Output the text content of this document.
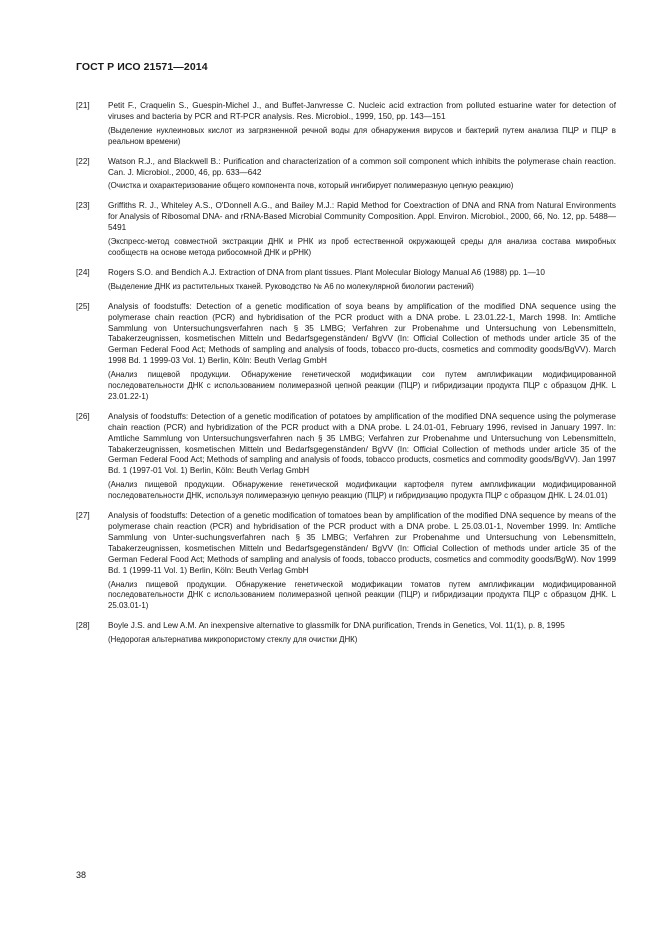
ГОСТ Р ИСО 21571—2014
[21]	Petit F., Craquelin S., Guespin-Michel J., and Buffet-Janvresse C. Nucleic acid extraction from polluted estuarine water for detection of viruses and bacteria by PCR and RT-PCR analysis. Res. Microbiol., 1999, 150, pp. 143—151

(Выделение нуклеиновых кислот из загрязненной речной воды для обнаружения вирусов и бактерий путем анализа ПЦР и ПЦР в реальном времени)

[22]	Watson R.J., and Blackwell B.: Purification and characterization of a common soil component which inhibits the polymerase chain reaction. Can. J. Microbiol., 2000, 46, pp. 633—642

(Очистка и охарактеризование общего компонента почв, который ингибирует полимеразную цепную реакцию)

[23]	Griffiths R. J., Whiteley A.S., O'Donnell A.G., and Bailey M.J.: Rapid Method for Coextraction of DNA and RNA from Natural Environments for Analysis of Ribosomal DNA- and rRNA-Based Microbial Community Composition. Appl. Environ. Microbiol., 2000, 66, No. 12, pp. 5488—5491

(Экспресс-метод совместной экстракции ДНК и РНК из проб естественной окружающей среды для анализа состава микробных сообществ на основе метода рибосомной ДНК и рРНК)

[24]	Rogers S.O. and Bendich A.J. Extraction of DNA from plant tissues. Plant Molecular Biology Manual A6 (1988) pp. 1—10

(Выделение ДНК из растительных тканей. Руководство № А6 по молекулярной биологии растений)

[25]	Analysis of foodstuffs: Detection of a genetic modification of soya beans by amplification of the modified DNA sequence using the polymerase chain reaction (PCR) and hybridisation of the PCR product with a DNA probe. L 23.01.22-1, March 1998. In: Amtliche Sammlung von Untersuchungsverfahren nach § 35 LMBG; Verfahren zur Probenahme und Untersuchung von Lebensmitteln, Tabakerzeugnissen, kosmetischen Mitteln und Bedarfsgegenständen/ BgVV (In: Official Collection of methods under article 35 of the German Federal Food Act; Methods of sampling and analysis of foods, tobacco pro-ducts, cosmetics and commodity goods/BgVV). March 1998 Bd. 1 1999-03 Vol. 1) Berlin, Köln: Beuth Verlag GmbH

(Анализ пищевой продукции. Обнаружение генетической модификации сои путем амплификации модифицированной последовательности ДНК с использованием полимеразной цепной реакции (ПЦР) и гибридизации продукта ПЦР с образцом ДНК. L 23.01.22-1)

[26]	Analysis of foodstuffs: Detection of a genetic modification of potatoes by amplification of the modified DNA sequence using the polymerase chain reaction (PCR) and hybridization of the PCR product with a DNA probe. L 24.01-01, February 1996, revised in January 1997. In: Amtliche Sammlung von Untersuchungsverfahren nach § 35 LMBG; Verfahren zur Probenahme und Untersuchung von Lebensmitteln, Tabakerzeugnissen, kosmetischen Mitteln und Bedarfsgegenständen/ BgVV (In: Official Collection of methods under article 35 of the German Federal Food Act; Methods of sampling and analysis of foods, tobacco products, cosmetics and commodity goods/BgVV). Jan 1997 Bd. 1 (1997-01 Vol. 1) Berlin, Köln: Beuth Verlag GmbH

(Анализ пищевой продукции. Обнаружение генетической модификации картофеля путем амплификации модифицированной последовательности ДНК, используя полимеразную цепную реакцию (ПЦР) и гибридизацию продукта ПЦР с образцом ДНК. L 24.01.01)

[27]	Analysis of foodstuffs: Detection of a genetic modification of tomatoes bean by amplification of the modified DNA sequence by means of the polymerase chain reaction (PCR) and hybridisation of the PCR product with a DNA probe. L 25.03.01-1, November 1999. In: Amtliche Sammlung von Unter-suchungsverfahren nach § 35 LMBG; Verfahren zur Probenahme und Untersuchung von Lebensmitteln, Tabakerzeugnissen, kosmetischen Mitteln und Bedarfsgegenständen/ BgVV (In: Official Collection of methods under article 35 of the German Federal Food Act; Methods of sampling and analysis of foods, tobacco products, cosmetics and commodity goods/BgW). Nov 1999 Bd. 1 (1999-11 Vol. 1) Berlin, Köln: Beuth Verlag GmbH

(Анализ пищевой продукции. Обнаружение генетической модификации томатов путем амплификации модифицированной последовательности ДНК с использованием полимеразной цепной реакции (ПЦР) и гибридизации продукта ПЦР с образцом ДНК. L 25.03.01-1)

[28]	Boyle J.S. and Lew A.M. An inexpensive alternative to glassmilk for DNA purification, Trends in Genetics, Vol. 11(1), p. 8, 1995

(Недорогая альтернатива микропористому стеклу для очистки ДНК)

38
